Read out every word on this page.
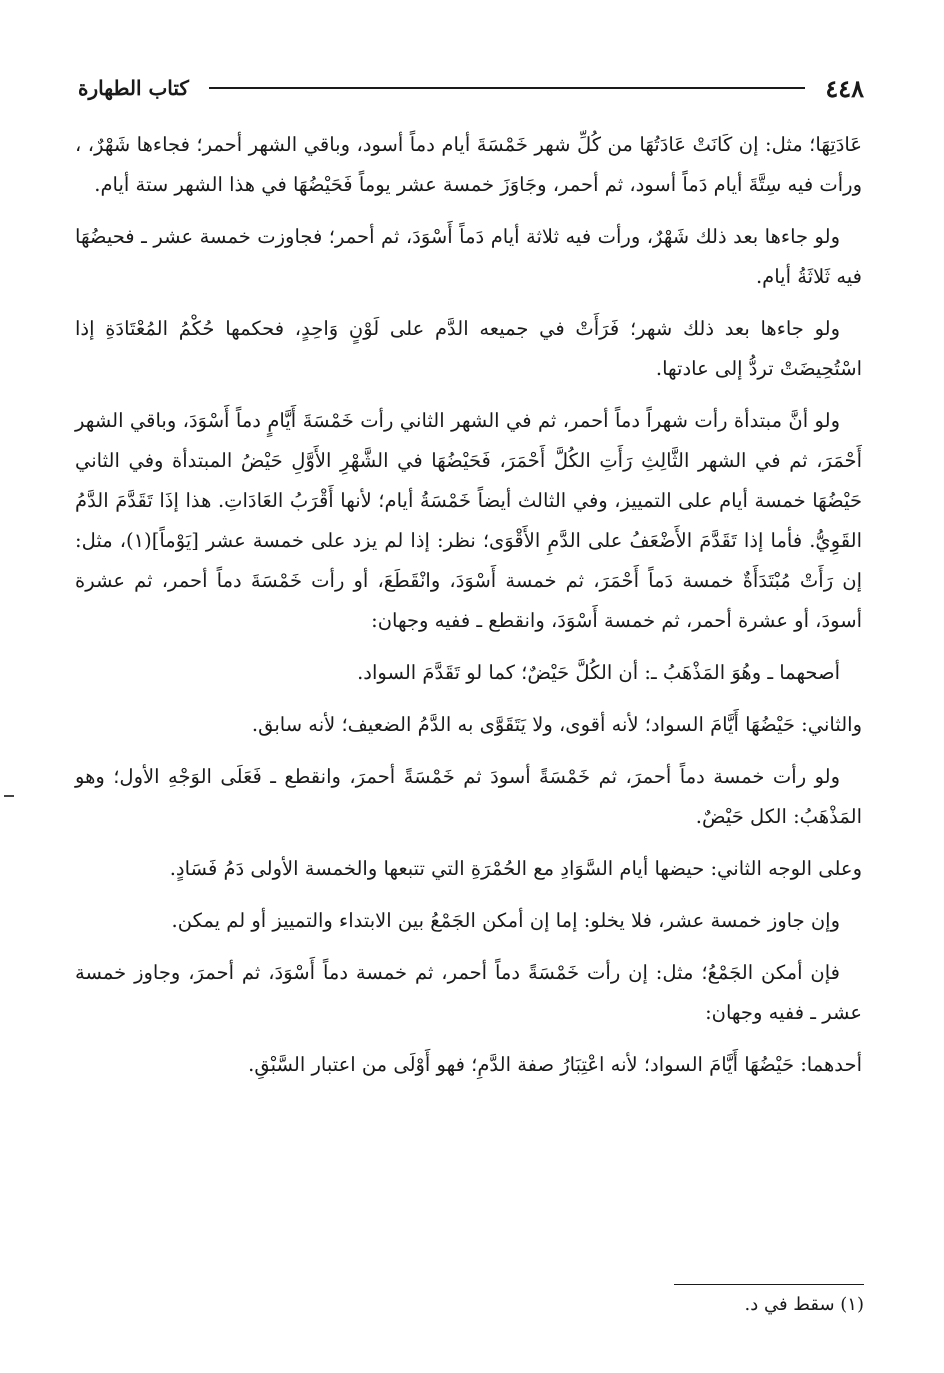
٤٤٨
كتاب الطهارة

عَادَتِهَا؛ مثل: إن كَانَتْ عَادَتُهَا من كُلِّ شهر خَمْسَةَ أيام دماً أسود، وباقي الشهر أحمر؛ فجاءها شَهْرٌ، ، ورأت فيه سِتَّةَ أيام دَماً أسود، ثم أحمر، وجَاوَزَ خمسة عشر يوماً فَحَيْضُهَا في هذا الشهر ستة أيام.

ولو جاءها بعد ذلك شَهْرٌ، ورأت فيه ثلاثة أيام دَماً أَسْوَدَ، ثم أحمر؛ فجاوزت خمسة عشر ـ فحيضُهَا فيه ثَلاثَةُ أيام.

ولو جاءها بعد ذلك شهر؛ فَرَأَتْ في جميعه الدَّم على لَوْنٍ وَاحِدٍ، فحكمها حُكْمُ المُعْتَادَةِ إذا اسْتُحِيضَتْ تردُّ إلى عادتها.

ولو أنَّ مبتدأة رأت شهراً دماً أحمر، ثم في الشهر الثاني رأت خَمْسَةَ أَيَّامٍ دماً أَسْوَدَ، وباقي الشهر أَحْمَرَ، ثم في الشهر الثَّالِثِ رَأَتِ الكُلَّ أَحْمَرَ، فَحَيْضُهَا في الشَّهْرِ الأَوَّلِ حَيْضُ المبتدأة وفي الثاني حَيْضُهَا خمسة أيام على التمييز، وفي الثالث أيضاً خَمْسَةُ أيام؛ لأنها أَقْرَبُ العَادَاتِ. هذا إذَا تَقَدَّمَ الدَّمُ القَوِيُّ. فأما إذا تَقَدَّمَ الأَضْعَفُ على الدَّمِ الأَقْوَى؛ نظر: إذا لم يزد على خمسة عشر [يَوْماً](١)، مثل: إن رَأَتْ مُبْتَدَأَةٌ خمسة دَماً أَحْمَرَ، ثم خمسة أَسْوَدَ، وانْقَطَعَ، أو رأت خَمْسَةَ دماً أحمر، ثم عشرة أسودَ، أو عشرة أحمر، ثم خمسة أَسْوَدَ، وانقطع ـ ففيه وجهان:

أصحهما ـ وهُوَ المَذْهَبُ ـ: أن الكُلَّ حَيْضٌ؛ كما لو تَقَدَّمَ السواد.

والثاني: حَيْضُهَا أَيَّامَ السواد؛ لأنه أقوى، ولا يَتَقَوَّى به الدَّمُ الضعيف؛ لأنه سابق.

ولو رأت خمسة دماً أحمرَ، ثم خَمْسَةً أسودَ ثم خَمْسَةً أحمرَ، وانقطع ـ فَعَلَى الوَجْهِ الأول؛ وهو المَذْهَبُ: الكل حَيْضٌ.

وعلى الوجه الثاني: حيضها أيام السَّوَادِ مع الحُمْرَةِ التي تتبعها والخمسة الأولى دَمُ فَسَادٍ.

وإن جاوز خمسة عشر، فلا يخلو: إما إن أمكن الجَمْعُ بين الابتداء والتمييز أو لم يمكن.

فإن أمكن الجَمْعُ؛ مثل: إن رأت خَمْسَةً دماً أحمر، ثم خمسة دماً أَسْوَدَ، ثم أحمرَ، وجاوز خمسة عشر ـ ففيه وجهان:

أحدهما: حَيْضُهَا أَيَّامَ السواد؛ لأنه اعْتِبَارُ صفة الدَّمِ؛ فهو أَوْلَى من اعتبار السَّبْقِ.

(١) سقط في د.
